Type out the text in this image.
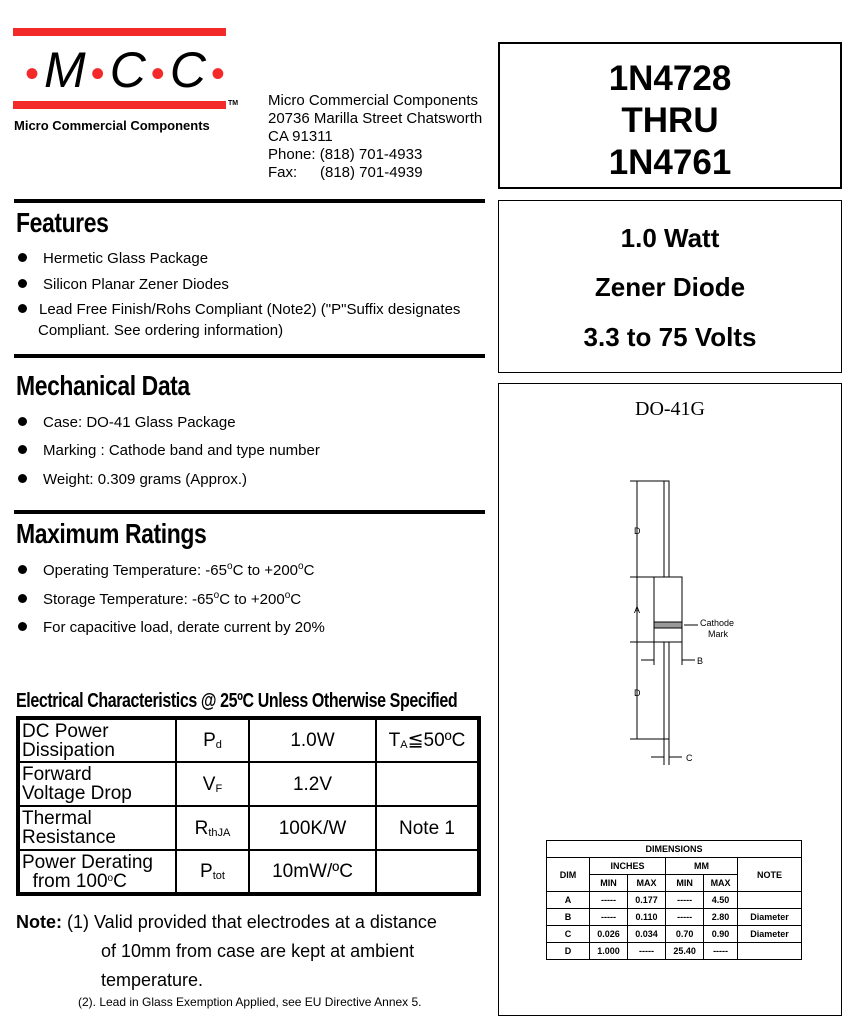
•M•C•C•
TM
Micro Commercial Components
Micro Commercial Components
20736 Marilla Street Chatsworth
CA 91311
Phone: (818) 701-4933
Fax: (818) 701-4939
1N4728
THRU
1N4761
1.0 Watt
Zener Diode
3.3 to 75 Volts
DO-41G
D
A
D
B
C
Cathode
Mark
Features
Hermetic Glass Package
Silicon Planar Zener Diodes
Lead Free Finish/Rohs Compliant (Note2) ("P"Suffix designates
Compliant. See ordering information)
Mechanical Data
Case: DO-41 Glass Package
Marking : Cathode band and type number
Weight: 0.309 grams (Approx.)
Maximum Ratings
Operating Temperature: -65$^o$C to $+200^oC$
Storage Temperature: -65$^o$C to $+200^oC$
For capacitive load, derate current by 20%
Electrical Characteristics @ 25ºC Unless Otherwise Specified
DC Power
Dissipation	$P_d$	1.0W	$T_A≦50ºC$
Forward
Voltage Drop	$V_F$	1.2V	
Thermal
Resistance	$R_{thJA}$	100K/W	Note 1
Power Derating
from 100$^o$C	$P_{tot}$	10mW/ºC	
Note: (1) Valid provided that electrodes at a distance
of 10mm from case are kept at ambient
temperature.
(2). Lead in Glass Exemption Applied, see EU Directive Annex 5.
DIMENSIONS					
DIM	INCHES		MM		NOTE
	MIN	MAX	MIN	MAX	
A	-----	0.177	-----	4.50	
B	-----	0.110	-----	2.80	Diameter
C	0.026	0.034	0.70	0.90	Diameter
D	1.000	-----	25.40	-----	
